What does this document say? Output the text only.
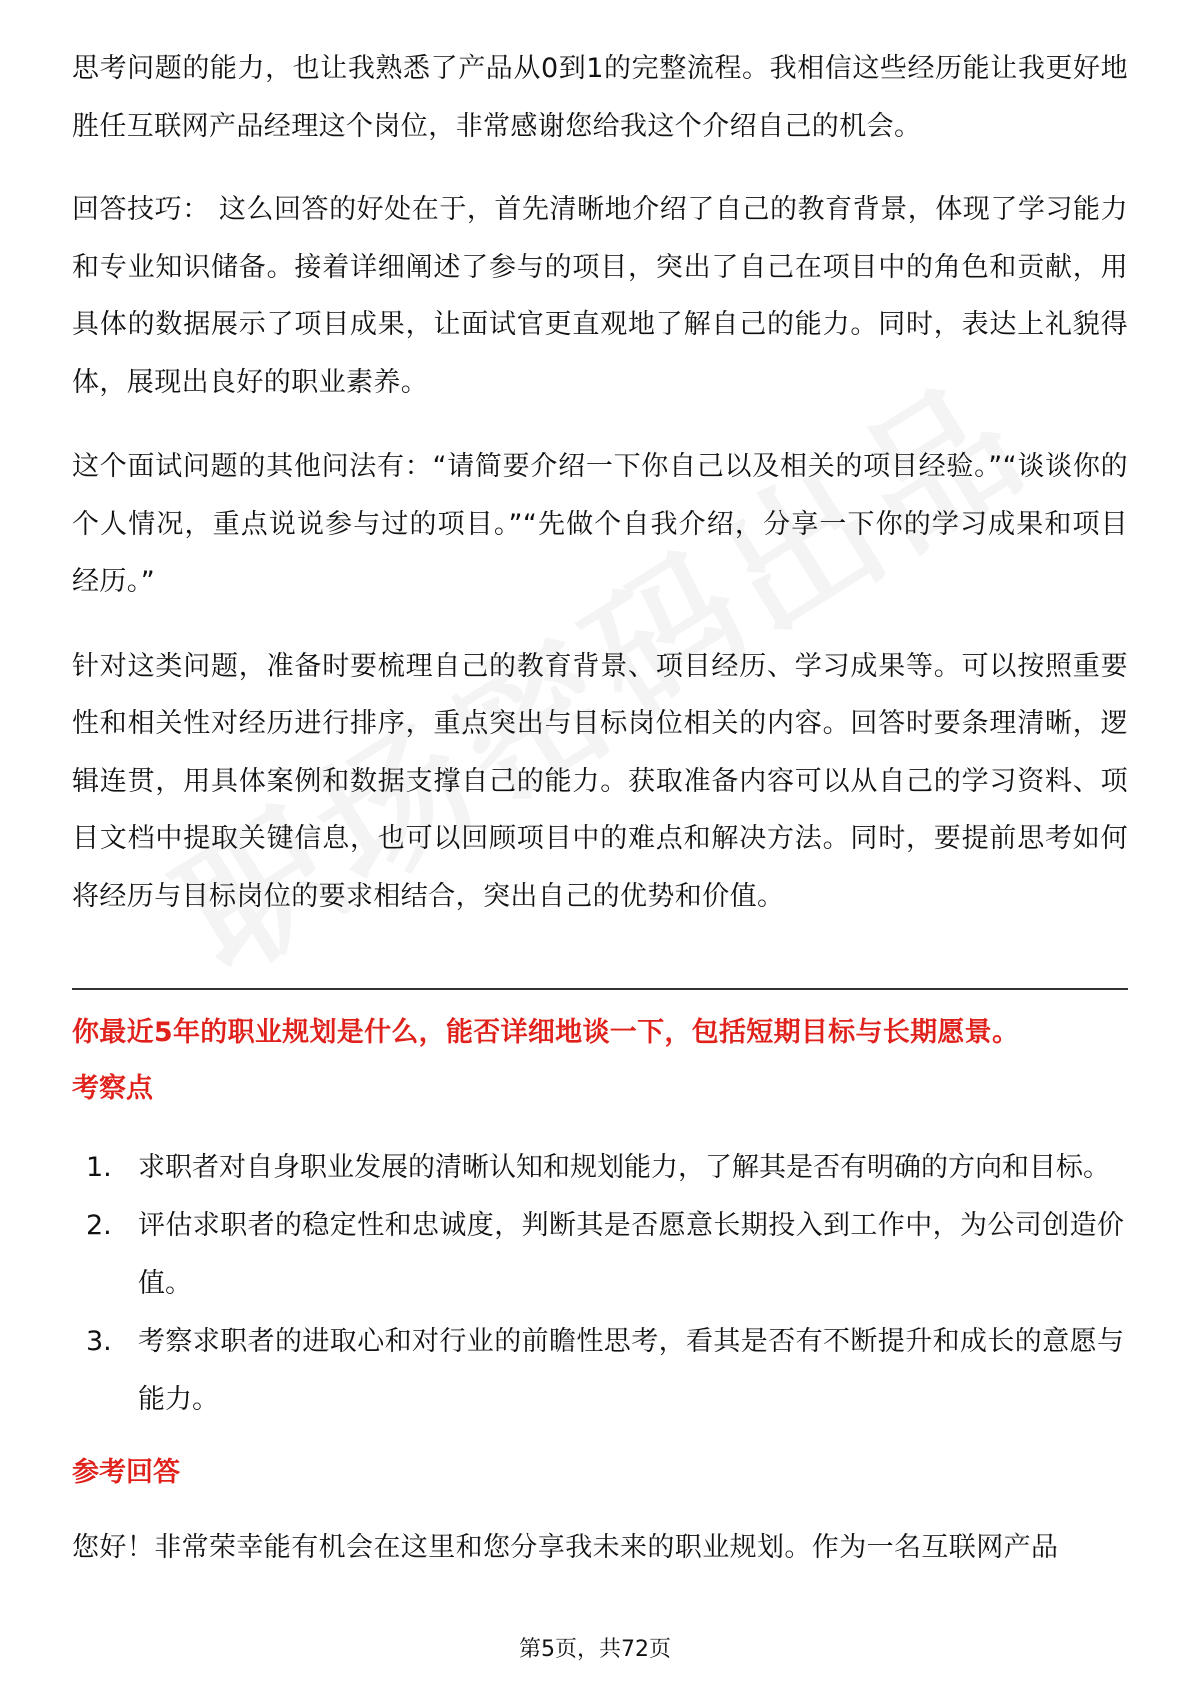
思考问题的能力，也让我熟悉了产品从0到1的完整流程。我相信这些经历能让我更好地胜任互联网产品经理这个岗位，非常感谢您给我这个介绍自己的机会。

回答技巧： 这么回答的好处在于，首先清晰地介绍了自己的教育背景，体现了学习能力和专业知识储备。接着详细阐述了参与的项目，突出了自己在项目中的角色和贡献，用具体的数据展示了项目成果，让面试官更直观地了解自己的能力。同时，表达上礼貌得体，展现出良好的职业素养。

这个面试问题的其他问法有：“请简要介绍一下你自己以及相关的项目经验。”“谈谈你的个人情况，重点说说参与过的项目。”“先做个自我介绍，分享一下你的学习成果和项目经历。”

针对这类问题，准备时要梳理自己的教育背景、项目经历、学习成果等。可以按照重要性和相关性对经历进行排序，重点突出与目标岗位相关的内容。回答时要条理清晰，逻辑连贯，用具体案例和数据支撑自己的能力。获取准备内容可以从自己的学习资料、项目文档中提取关键信息，也可以回顾项目中的难点和解决方法。同时，要提前思考如何将经历与目标岗位的要求相结合，突出自己的优势和价值。

你最近5年的职业规划是什么，能否详细地谈一下，包括短期目标与长期愿景。

考察点

1. 求职者对自身职业发展的清晰认知和规划能力，了解其是否有明确的方向和目标。
2. 评估求职者的稳定性和忠诚度，判断其是否愿意长期投入到工作中，为公司创造价值。
3. 考察求职者的进取心和对行业的前瞻性思考，看其是否有不断提升和成长的意愿与能力。

参考回答

您好！非常荣幸能有机会在这里和您分享我未来的职业规划。作为一名互联网产品

第5页，共72页
